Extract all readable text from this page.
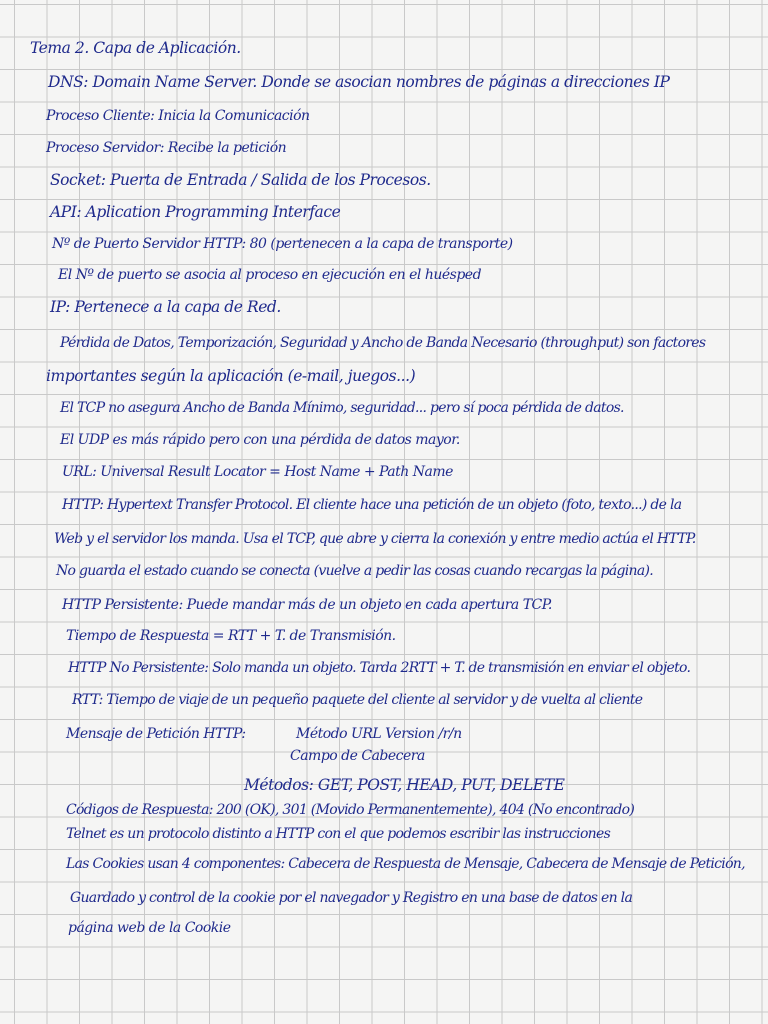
Tema 2. Capa de Aplicación.
DNS: Domain Name Server. Donde se asocian nombres de páginas a direcciones IP
Proceso Cliente: Inicia la Comunicación
Proceso Servidor: Recibe la petición
Socket: Puerta de Entrada / Salida de los Procesos.
API: Aplication Programming Interface
Nº de Puerto Servidor HTTP: 80 (pertenecen a la capa de transporte)
El Nº de puerto se asocia al proceso en ejecución en el huésped
IP: Pertenece a la capa de Red.
Pérdida de Datos, Temporización, Seguridad y Ancho de Banda Necesario (throughput) son factores
importantes según la aplicación (e-mail, juegos...)
El TCP no asegura Ancho de Banda Mínimo, seguridad... pero sí poca pérdida de datos.
El UDP es más rápido pero con una pérdida de datos mayor.
URL: Universal Result Locator = Host Name + Path Name
HTTP: Hypertext Transfer Protocol. El cliente hace una petición de un objeto (foto, texto...) de la
Web y el servidor los manda. Usa el TCP, que abre y cierra la conexión y entre medio actúa el HTTP.
No guarda el estado cuando se conecta (vuelve a pedir las cosas cuando recargas la página).
HTTP Persistente: Puede mandar más de un objeto en cada apertura TCP.
Tiempo de Respuesta = RTT + T. de Transmisión.
HTTP No Persistente: Solo manda un objeto. Tarda 2RTT + T. de transmisión en enviar el objeto.
RTT: Tiempo de viaje de un pequeño paquete del cliente al servidor y de vuelta al cliente
Mensaje de Petición HTTP:	Método URL Version /r/n
Campo de Cabecera
Métodos: GET, POST, HEAD, PUT, DELETE
Códigos de Respuesta: 200 (OK), 301 (Movido Permanentemente), 404 (No encontrado)
Telnet es un protocolo distinto a HTTP con el que podemos escribir las instrucciones
Las Cookies usan 4 componentes: Cabecera de Respuesta de Mensaje, Cabecera de Mensaje de Petición,
Guardado y control de la cookie por el navegador y Registro en una base de datos en la
página web de la Cookie
